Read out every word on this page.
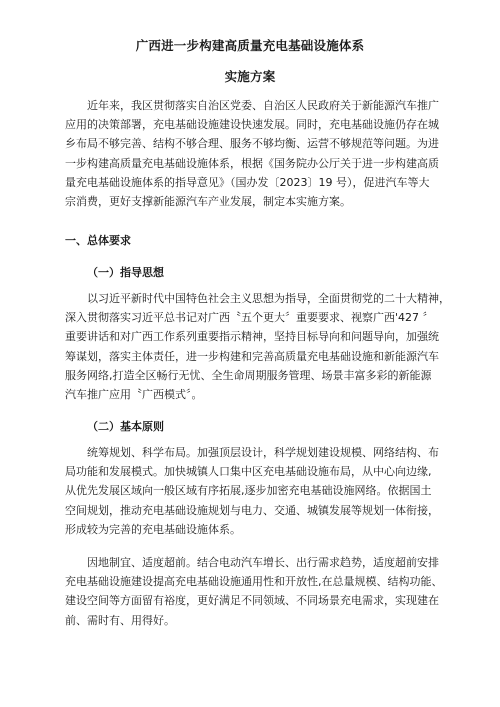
广西进一步构建高质量充电基础设施体系
实施方案
近年来，我区贯彻落实自治区党委、自治区人民政府关于新能源汽车推广
应用的决策部署，充电基础设施建设快速发展。同时，充电基础设施仍存在城
乡布局不够完善、结构不够合理、服务不够均衡、运营不够规范等问题。为进
一步构建高质量充电基础设施体系，根据《国务院办公厅关于进一步构建高质
量充电基础设施体系的指导意见》（国办发〔2023〕19 号），促进汽车等大
宗消费，更好支撑新能源汽车产业发展，制定本实施方案。
一、总体要求
（一）指导思想
以习近平新时代中国特色社会主义思想为指导，全面贯彻党的二十大精神，
深入贯彻落实习近平总书记对广西〝五个更大〞重要要求、视察广西'427 〞
重要讲话和对广西工作系列重要指示精神，坚持目标导向和问题导向，加强统
筹谋划，落实主体责任，进一步构建和完善高质量充电基础设施和新能源汽车
服务网络,打造全区畅行无忧、全生命周期服务管理、场景丰富多彩的新能源
汽车推广应用〝广西模式〞。
（二）基本原则
统筹规划、科学布局。加强顶层设计，科学规划建设规模、网络结构、布
局功能和发展模式。加快城镇人口集中区充电基础设施布局，从中心向边缘,
从优先发展区域向一般区域有序拓展,逐步加密充电基础设施网络。依据国土
空间规划，推动充电基础设施规划与电力、交通、城镇发展等规划一体衔接，
形成较为完善的充电基础设施体系。
因地制宜、适度超前。结合电动汽车增长、出行需求趋势，适度超前安排
充电基础设施建设提高充电基础设施通用性和开放性,在总量规模、结构功能、
建设空间等方面留有裕度，更好满足不同领域、不同场景充电需求，实现建在
前、需时有、用得好。
